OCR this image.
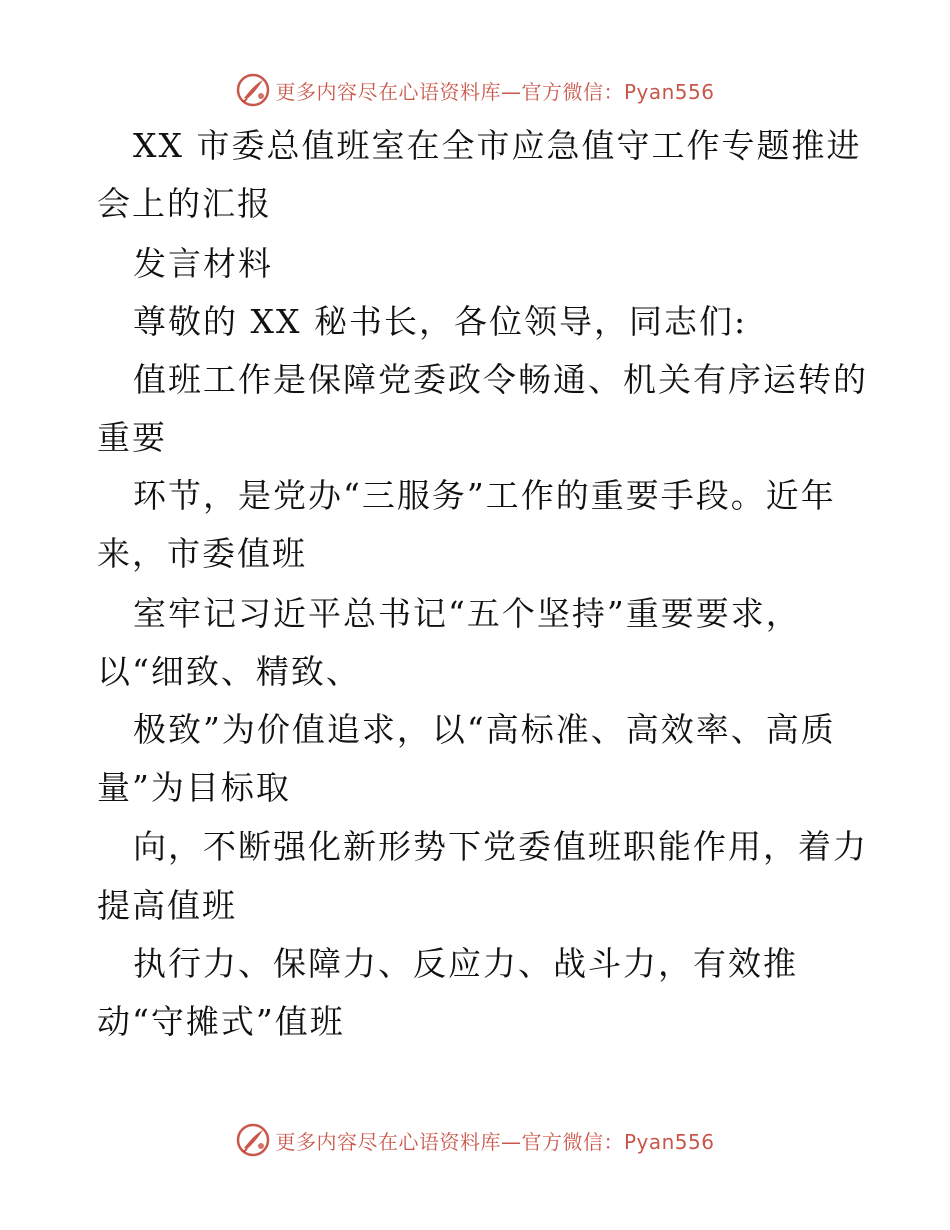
更多内容尽在心语资料库—官方微信：Pyan556
XX 市委总值班室在全市应急值守工作专题推进
会上的汇报
发言材料
尊敬的 XX 秘书长，各位领导，同志们:
值班工作是保障党委政令畅通、机关有序运转的
重要
环节，是党办“三服务”工作的重要手段。近年
来，市委值班
室牢记习近平总书记“五个坚持”重要要求，
以“细致、精致、
极致”为价值追求，以“高标准、高效率、高质
量”为目标取
向，不断强化新形势下党委值班职能作用，着力
提高值班
执行力、保障力、反应力、战斗力，有效推
动“守摊式”值班
更多内容尽在心语资料库—官方微信：Pyan556
